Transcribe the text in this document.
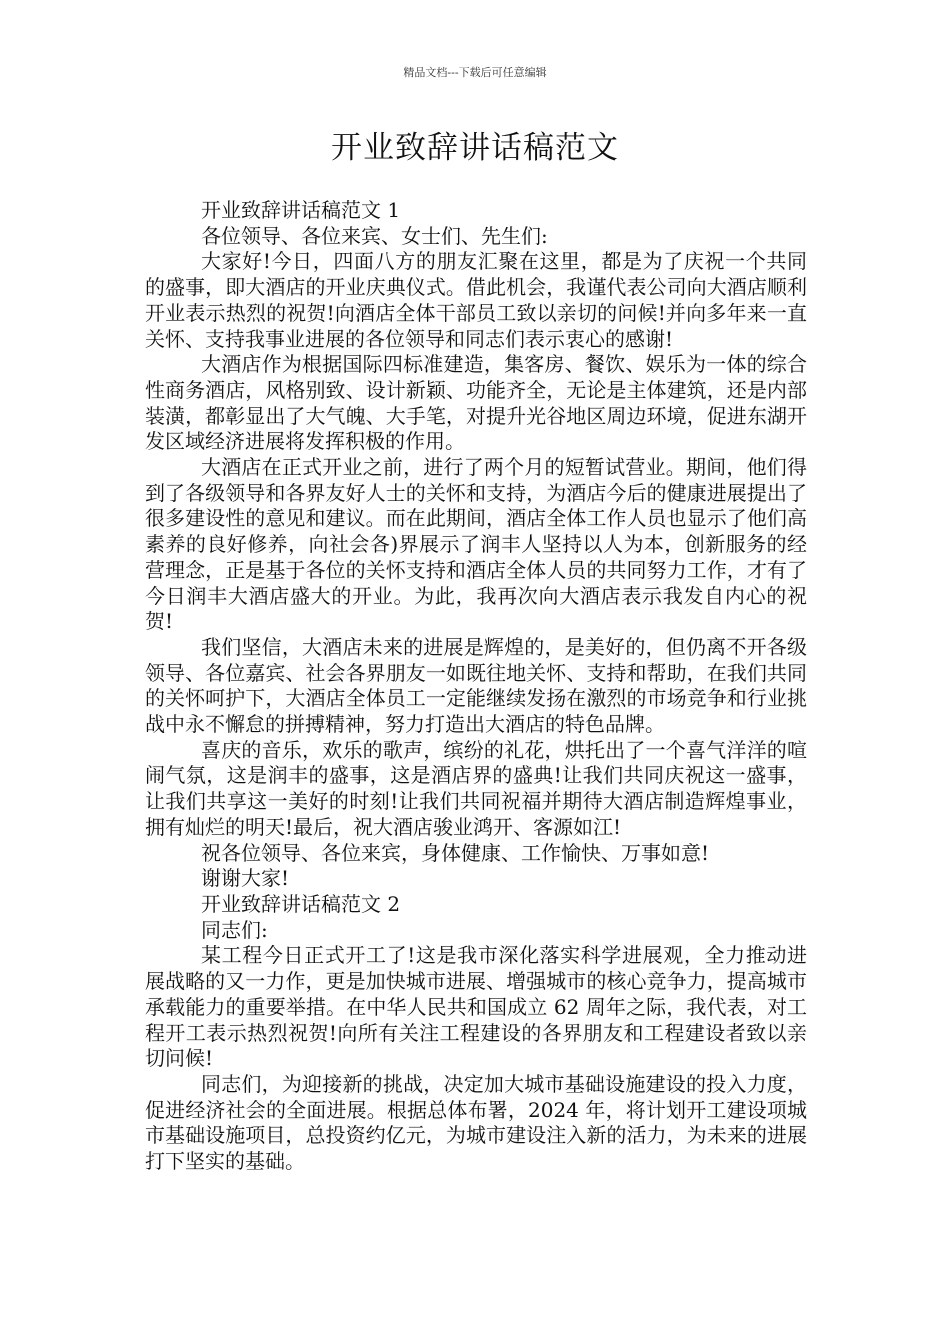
精品文档---下载后可任意编辑
开业致辞讲话稿范文

开业致辞讲话稿范文 1

各位领导、各位来宾、女士们、先生们:

大家好!今日，四面八方的朋友汇聚在这里，都是为了庆祝一个共同的盛事，即大酒店的开业庆典仪式。借此机会，我谨代表公司向大酒店顺利开业表示热烈的祝贺!向酒店全体干部员工致以亲切的问候!并向多年来一直关怀、支持我事业进展的各位领导和同志们表示衷心的感谢!

大酒店作为根据国际四标准建造，集客房、餐饮、娱乐为一体的综合性商务酒店，风格别致、设计新颖、功能齐全，无论是主体建筑，还是内部装潢，都彰显出了大气魄、大手笔，对提升光谷地区周边环境，促进东湖开发区域经济进展将发挥积极的作用。

大酒店在正式开业之前，进行了两个月的短暂试营业。期间，他们得到了各级领导和各界友好人士的关怀和支持，为酒店今后的健康进展提出了很多建设性的意见和建议。而在此期间，酒店全体工作人员也显示了他们高素养的良好修养，向社会各)界展示了润丰人坚持以人为本，创新服务的经营理念，正是基于各位的关怀支持和酒店全体人员的共同努力工作，才有了今日润丰大酒店盛大的开业。为此，我再次向大酒店表示我发自内心的祝贺!

我们坚信，大酒店未来的进展是辉煌的，是美好的，但仍离不开各级领导、各位嘉宾、社会各界朋友一如既往地关怀、支持和帮助，在我们共同的关怀呵护下，大酒店全体员工一定能继续发扬在激烈的市场竞争和行业挑战中永不懈怠的拼搏精神，努力打造出大酒店的特色品牌。

喜庆的音乐，欢乐的歌声，缤纷的礼花，烘托出了一个喜气洋洋的喧闹气氛，这是润丰的盛事，这是酒店界的盛典!让我们共同庆祝这一盛事，让我们共享这一美好的时刻!让我们共同祝福并期待大酒店制造辉煌事业，拥有灿烂的明天!最后，祝大酒店骏业鸿开、客源如江!

祝各位领导、各位来宾，身体健康、工作愉快、万事如意!

谢谢大家!

开业致辞讲话稿范文 2

同志们:

某工程今日正式开工了!这是我市深化落实科学进展观，全力推动进展战略的又一力作，更是加快城市进展、增强城市的核心竞争力，提高城市承载能力的重要举措。在中华人民共和国成立 62 周年之际，我代表，对工程开工表示热烈祝贺!向所有关注工程建设的各界朋友和工程建设者致以亲切问候!

同志们，为迎接新的挑战，决定加大城市基础设施建设的投入力度，促进经济社会的全面进展。根据总体布署，2024 年，将计划开工建设项城市基础设施项目，总投资约亿元，为城市建设注入新的活力，为未来的进展打下坚实的基础。
